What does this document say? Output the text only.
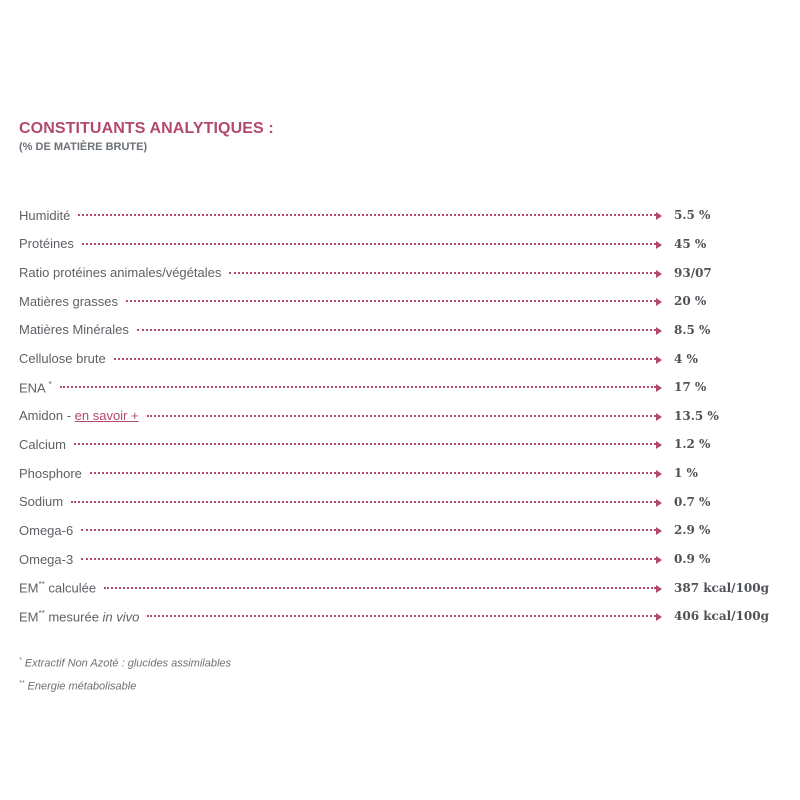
CONSTITUANTS ANALYTIQUES :
(% DE MATIÈRE BRUTE)
Humidité	5.5 %
Protéines	45 %
Ratio protéines animales/végétales	93/07
Matières grasses	20 %
Matières Minérales	8.5 %
Cellulose brute	4 %
ENA *	17 %
Amidon - en savoir +	13.5 %
Calcium	1.2 %
Phosphore	1 %
Sodium	0.7 %
Omega-6	2.9 %
Omega-3	0.9 %
EM** calculée	387 kcal/100g
EM** mesurée in vivo	406 kcal/100g
* Extractif Non Azoté : glucides assimilables
** Energie métabolisable
